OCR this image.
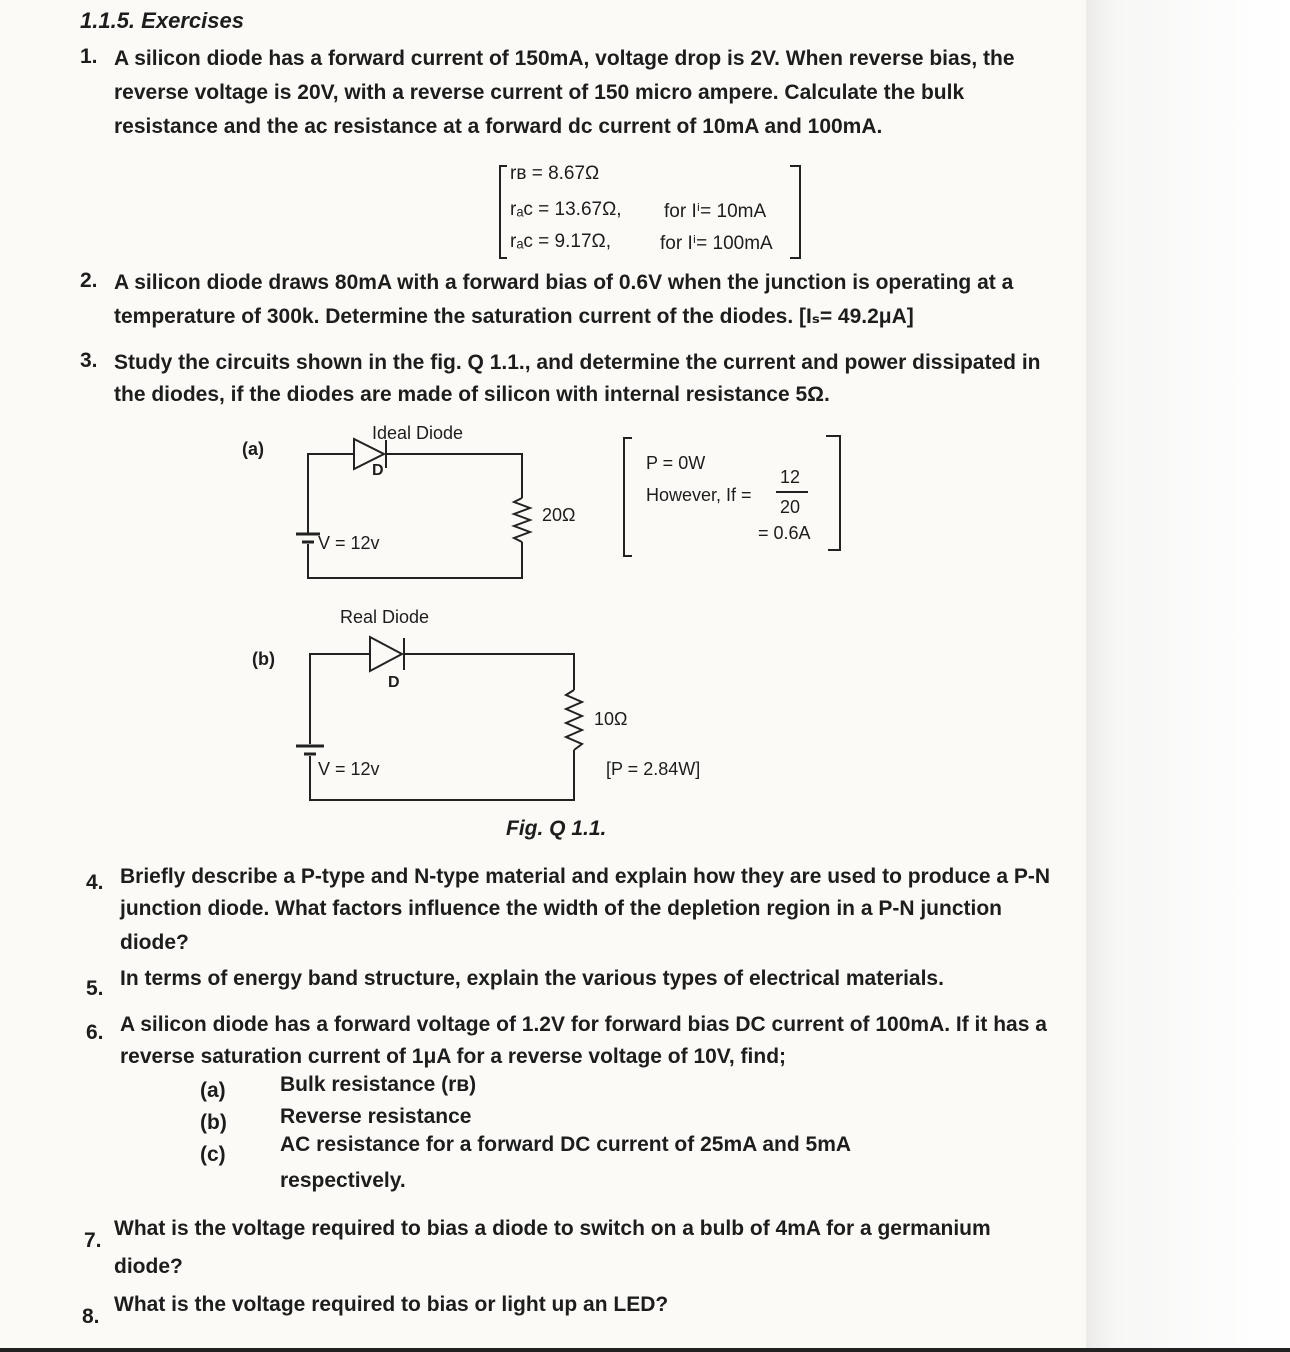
1.1.5. Exercises
1. A silicon diode has a forward current of 150mA, voltage drop is 2V. When reverse bias, the
reverse voltage is 20V, with a reverse current of 150 micro ampere. Calculate the bulk
resistance and the ac resistance at a forward dc current of 10mA and 100mA.
rʙ = 8.67Ω
rₐc = 13.67Ω, for Iⁱ= 10mA
rₐc = 9.17Ω,	for Iⁱ= 100mA
2. A silicon diode draws 80mA with a forward bias of 0.6V when the junction is operating at a
temperature of 300k. Determine the saturation current of the diodes. [Iₛ= 49.2μA]
3. Study the circuits shown in the fig. Q 1.1., and determine the current and power dissipated in
the diodes, if the diodes are made of silicon with internal resistance 5Ω.
(a)
Ideal Diode
D
V = 12v
20Ω
P = 0W
However, If =
12
20
= 0.6A
(b)
Real Diode
D
V = 12v
10Ω
[P = 2.84W]
Fig. Q 1.1.
4. Briefly describe a P-type and N-type material and explain how they are used to produce a P-N
junction diode. What factors influence the width of the depletion region in a P-N junction
diode?
5. In terms of energy band structure, explain the various types of electrical materials.
6. A silicon diode has a forward voltage of 1.2V for forward bias DC current of 100mA. If it has a
reverse saturation current of 1μA for a reverse voltage of 10V, find;
(a)	Bulk resistance (rʙ)
(b)	Reverse resistance
(c)	AC resistance for a forward DC current of 25mA and 5mA
respectively.
7.
What is the voltage required to bias a diode to switch on a bulb of 4mA for a germanium
diode?
8.
What is the voltage required to bias or light up an LED?
